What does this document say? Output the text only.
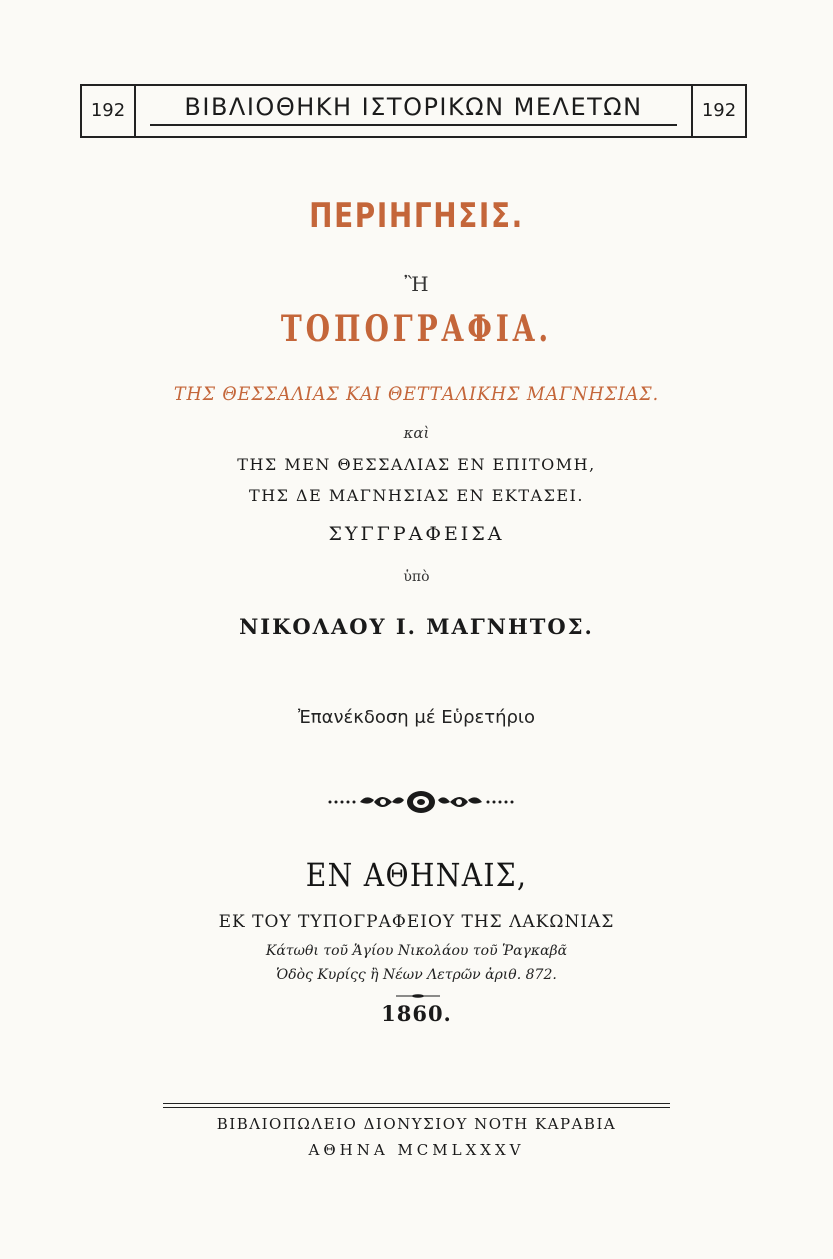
192	ΒΙΒΛΙΟΘΗΚΗ ΙΣΤΟΡΙΚΩΝ ΜΕΛΕΤΩΝ	192
ΠΕΡΙΗΓΗΣΙΣ.
Ἢ
ΤΟΠΟΓΡΑΦΙΑ.
ΤΗΣ ΘΕΣΣΑΛΙΑΣ ΚΑΙ ΘΕΤΤΑΛΙΚΗΣ ΜΑΓΝΗΣΙΑΣ.
καὶ
ΤΗΣ ΜΕΝ ΘΕΣΣΑΛΙΑΣ ΕΝ ΕΠΙΤΟΜΗ,
ΤΗΣ ΔΕ ΜΑΓΝΗΣΙΑΣ ΕΝ ΕΚΤΑΣΕΙ.
ΣΥΓΓΡΑΦΕΙΣΑ
ὑπὸ
ΝΙΚΟΛΑΟΥ Ι. ΜΑΓΝΗΤΟΣ.
Ἐπανέκδοση μέ Εὑρετήριο
ΕΝ ΑΘΗΝΑΙΣ,
ΕΚ ΤΟΥ ΤΥΠΟΓΡΑΦΕΙΟΥ ΤΗΣ ΛΑΚΩΝΙΑΣ
Κάτωθι τοῦ Ἁγίου Νικολάου τοῦ Ῥαγκαβᾶ
Ὁδὸς Κυρίςς ἢ Νέων Λετρῶν ἀριθ. 872.
1860.
ΒΙΒΛΙΟΠΩΛΕΙΟ ΔΙΟΝΥΣΙΟΥ ΝΟΤΗ ΚΑΡΑΒΙΑ
ΑΘΗΝΑ MCMLXXXV
